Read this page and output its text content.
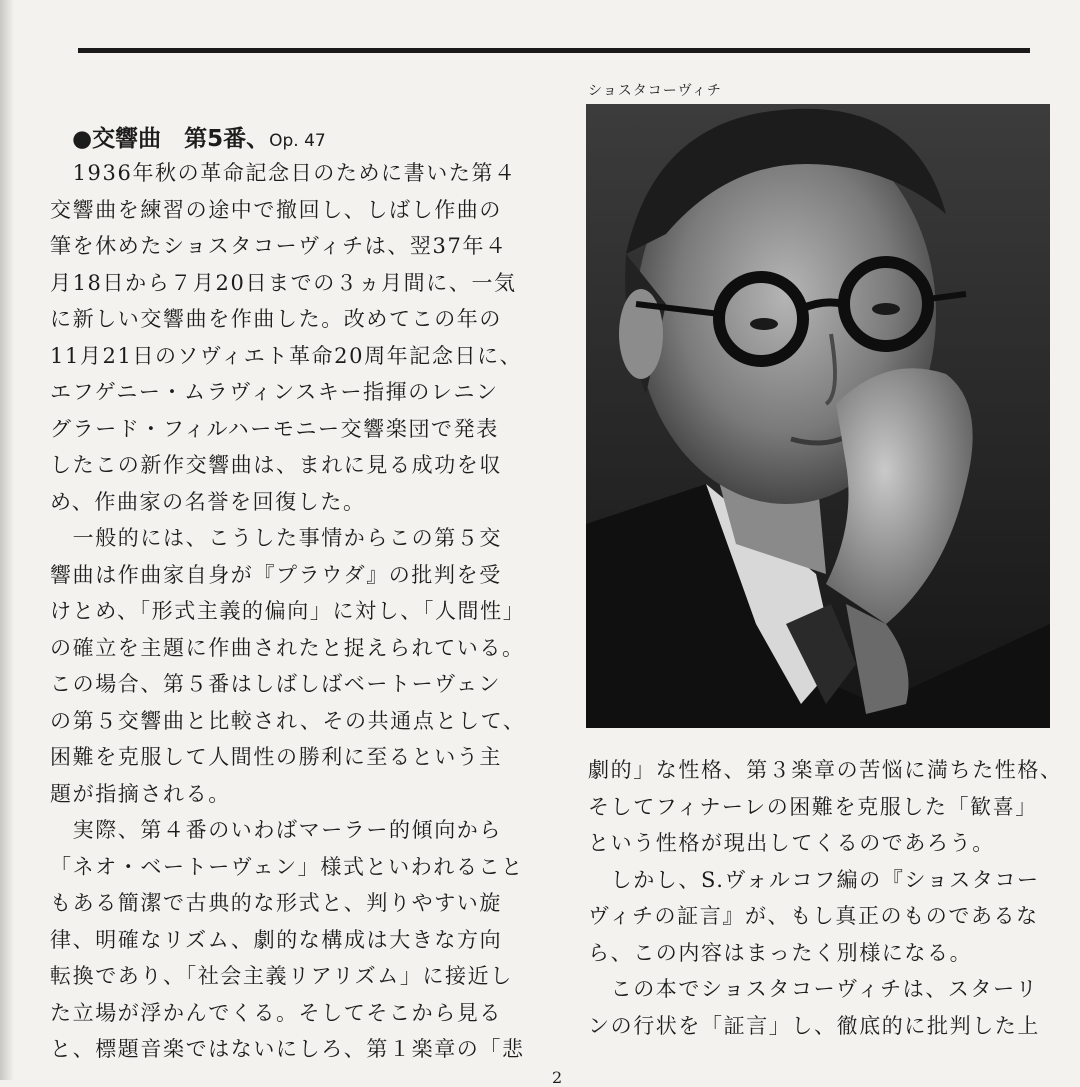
ショスタコーヴィチ
●交響曲　第5番、Op. 47
　1936年秋の革命記念日のために書いた第４
交響曲を練習の途中で撤回し、しばし作曲の
筆を休めたショスタコーヴィチは、翌37年４
月18日から７月20日までの３ヵ月間に、一気
に新しい交響曲を作曲した。改めてこの年の
11月21日のソヴィエト革命20周年記念日に、
エフゲニー・ムラヴィンスキー指揮のレニン
グラード・フィルハーモニー交響楽団で発表
したこの新作交響曲は、まれに見る成功を収
め、作曲家の名誉を回復した。
　一般的には、こうした事情からこの第５交
響曲は作曲家自身が『プラウダ』の批判を受
けとめ、「形式主義的偏向」に対し、「人間性」
の確立を主題に作曲されたと捉えられている。
この場合、第５番はしばしばベートーヴェン
の第５交響曲と比較され、その共通点として、
困難を克服して人間性の勝利に至るという主
題が指摘される。
　実際、第４番のいわばマーラー的傾向から
「ネオ・ベートーヴェン」様式といわれること
もある簡潔で古典的な形式と、判りやすい旋
律、明確なリズム、劇的な構成は大きな方向
転換であり、「社会主義リアリズム」に接近し
た立場が浮かんでくる。そしてそこから見る
と、標題音楽ではないにしろ、第１楽章の「悲
劇的」な性格、第３楽章の苦悩に満ちた性格、
そしてフィナーレの困難を克服した「歓喜」
という性格が現出してくるのであろう。
　しかし、S.ヴォルコフ編の『ショスタコー
ヴィチの証言』が、もし真正のものであるな
ら、この内容はまったく別様になる。
　この本でショスタコーヴィチは、スターリ
ンの行状を「証言」し、徹底的に批判した上
2
